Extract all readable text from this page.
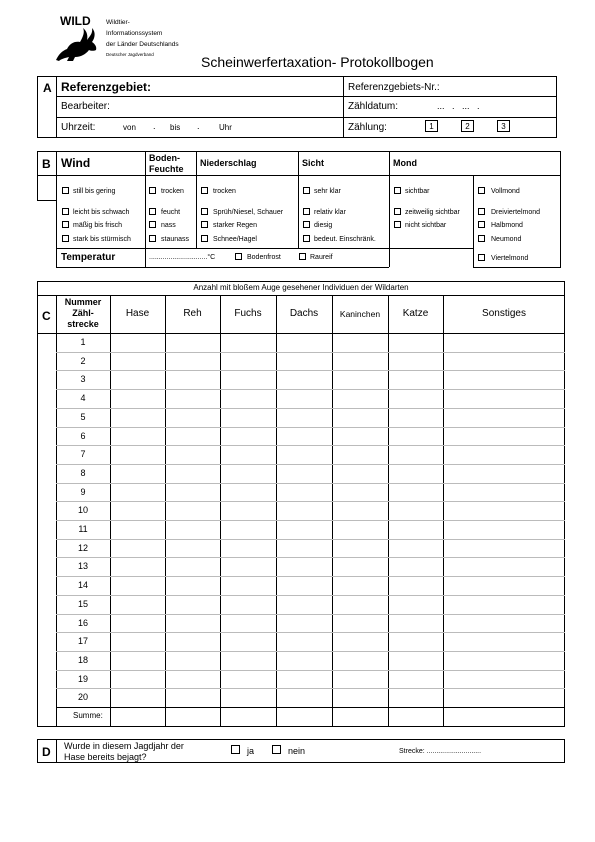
WILD Wildtier-
Informationssystem
der Länder Deutschlands
Deutscher Jagdverband	Scheinwerfertaxation- Protokollbogen
A Referenzgebiet:	Referenzgebiets-Nr.:
Bearbeiter:	Zähldatum:	...   .   ...   .
Uhrzeit:	von . bis . Uhr	Zählung:	1	2	3
B Wind	Boden-
Feuchte
Niederschlag	Sicht	Mond
still bis gering
leicht bis schwach
mäßig bis frisch
stark bis stürmisch
trocken
feucht
nass
staunass
trocken
Sprüh/Niesel, Schauer
starker Regen
Schnee/Hagel
sehr klar
relativ klar
diesig
bedeut. Einschränk.
sichtbar
zeitweilig sichtbar
nicht sichtbar
Vollmond
Dreiviertelmond
Halbmond
Neumond
Viertelmond
Temperatur	..............................°C	Bodenfrost	Raureif
Anzahl mit bloßem Auge gesehener Individuen der Wildarten
C
Nummer
Zähl-
strecke
Hase	Reh	Fuchs	Dachs	Kaninchen	Katze	Sonstiges
1
2
3
4
5
6
7
8
9
10
11
12
13
14
15
16
17
18
19
20
Summe:
D Wurde in diesem Jagdjahr der
Hase bereits bejagt?
ja	nein	Strecke: ............................
